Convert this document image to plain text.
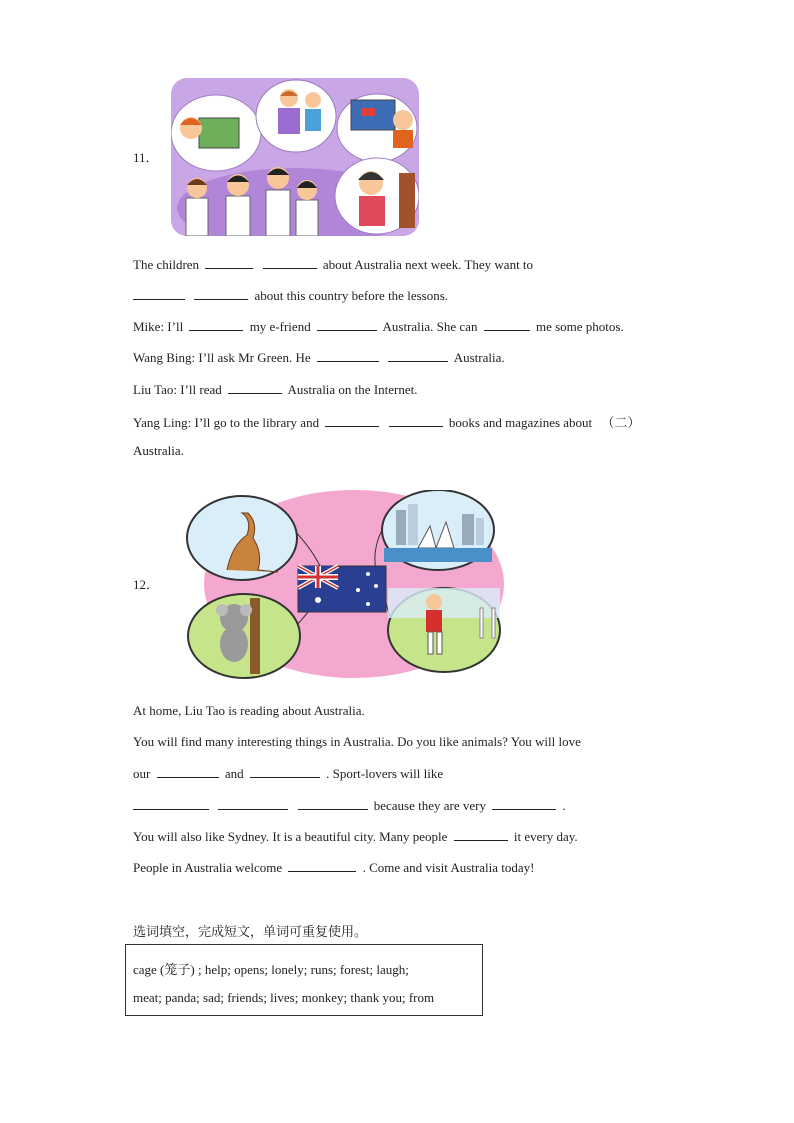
11．
The children	about Australia next week. They want to
about this country before the lessons.
Mike: I’ll	my e-friend	Australia. She can	me some photos.
Wang Bing: I’ll ask Mr Green. He	Australia.
Liu Tao: I’ll read	Australia on the Internet.
Yang Ling: I’ll go to the library and	books and magazines about （二）
Australia.
12．
At home, Liu Tao is reading about Australia.
You will find many interesting things in Australia. Do you like animals? You will love
our	and	. Sport-lovers will like
because they are very	.
You will also like Sydney. It is a beautiful city. Many people	it every day.
People in Australia welcome	. Come and visit Australia today!
选词填空，完成短文，单词可重复使用。
cage (笼子) ; help; opens; lonely; runs; forest; laugh;
meat; panda; sad; friends; lives; monkey; thank you; from
